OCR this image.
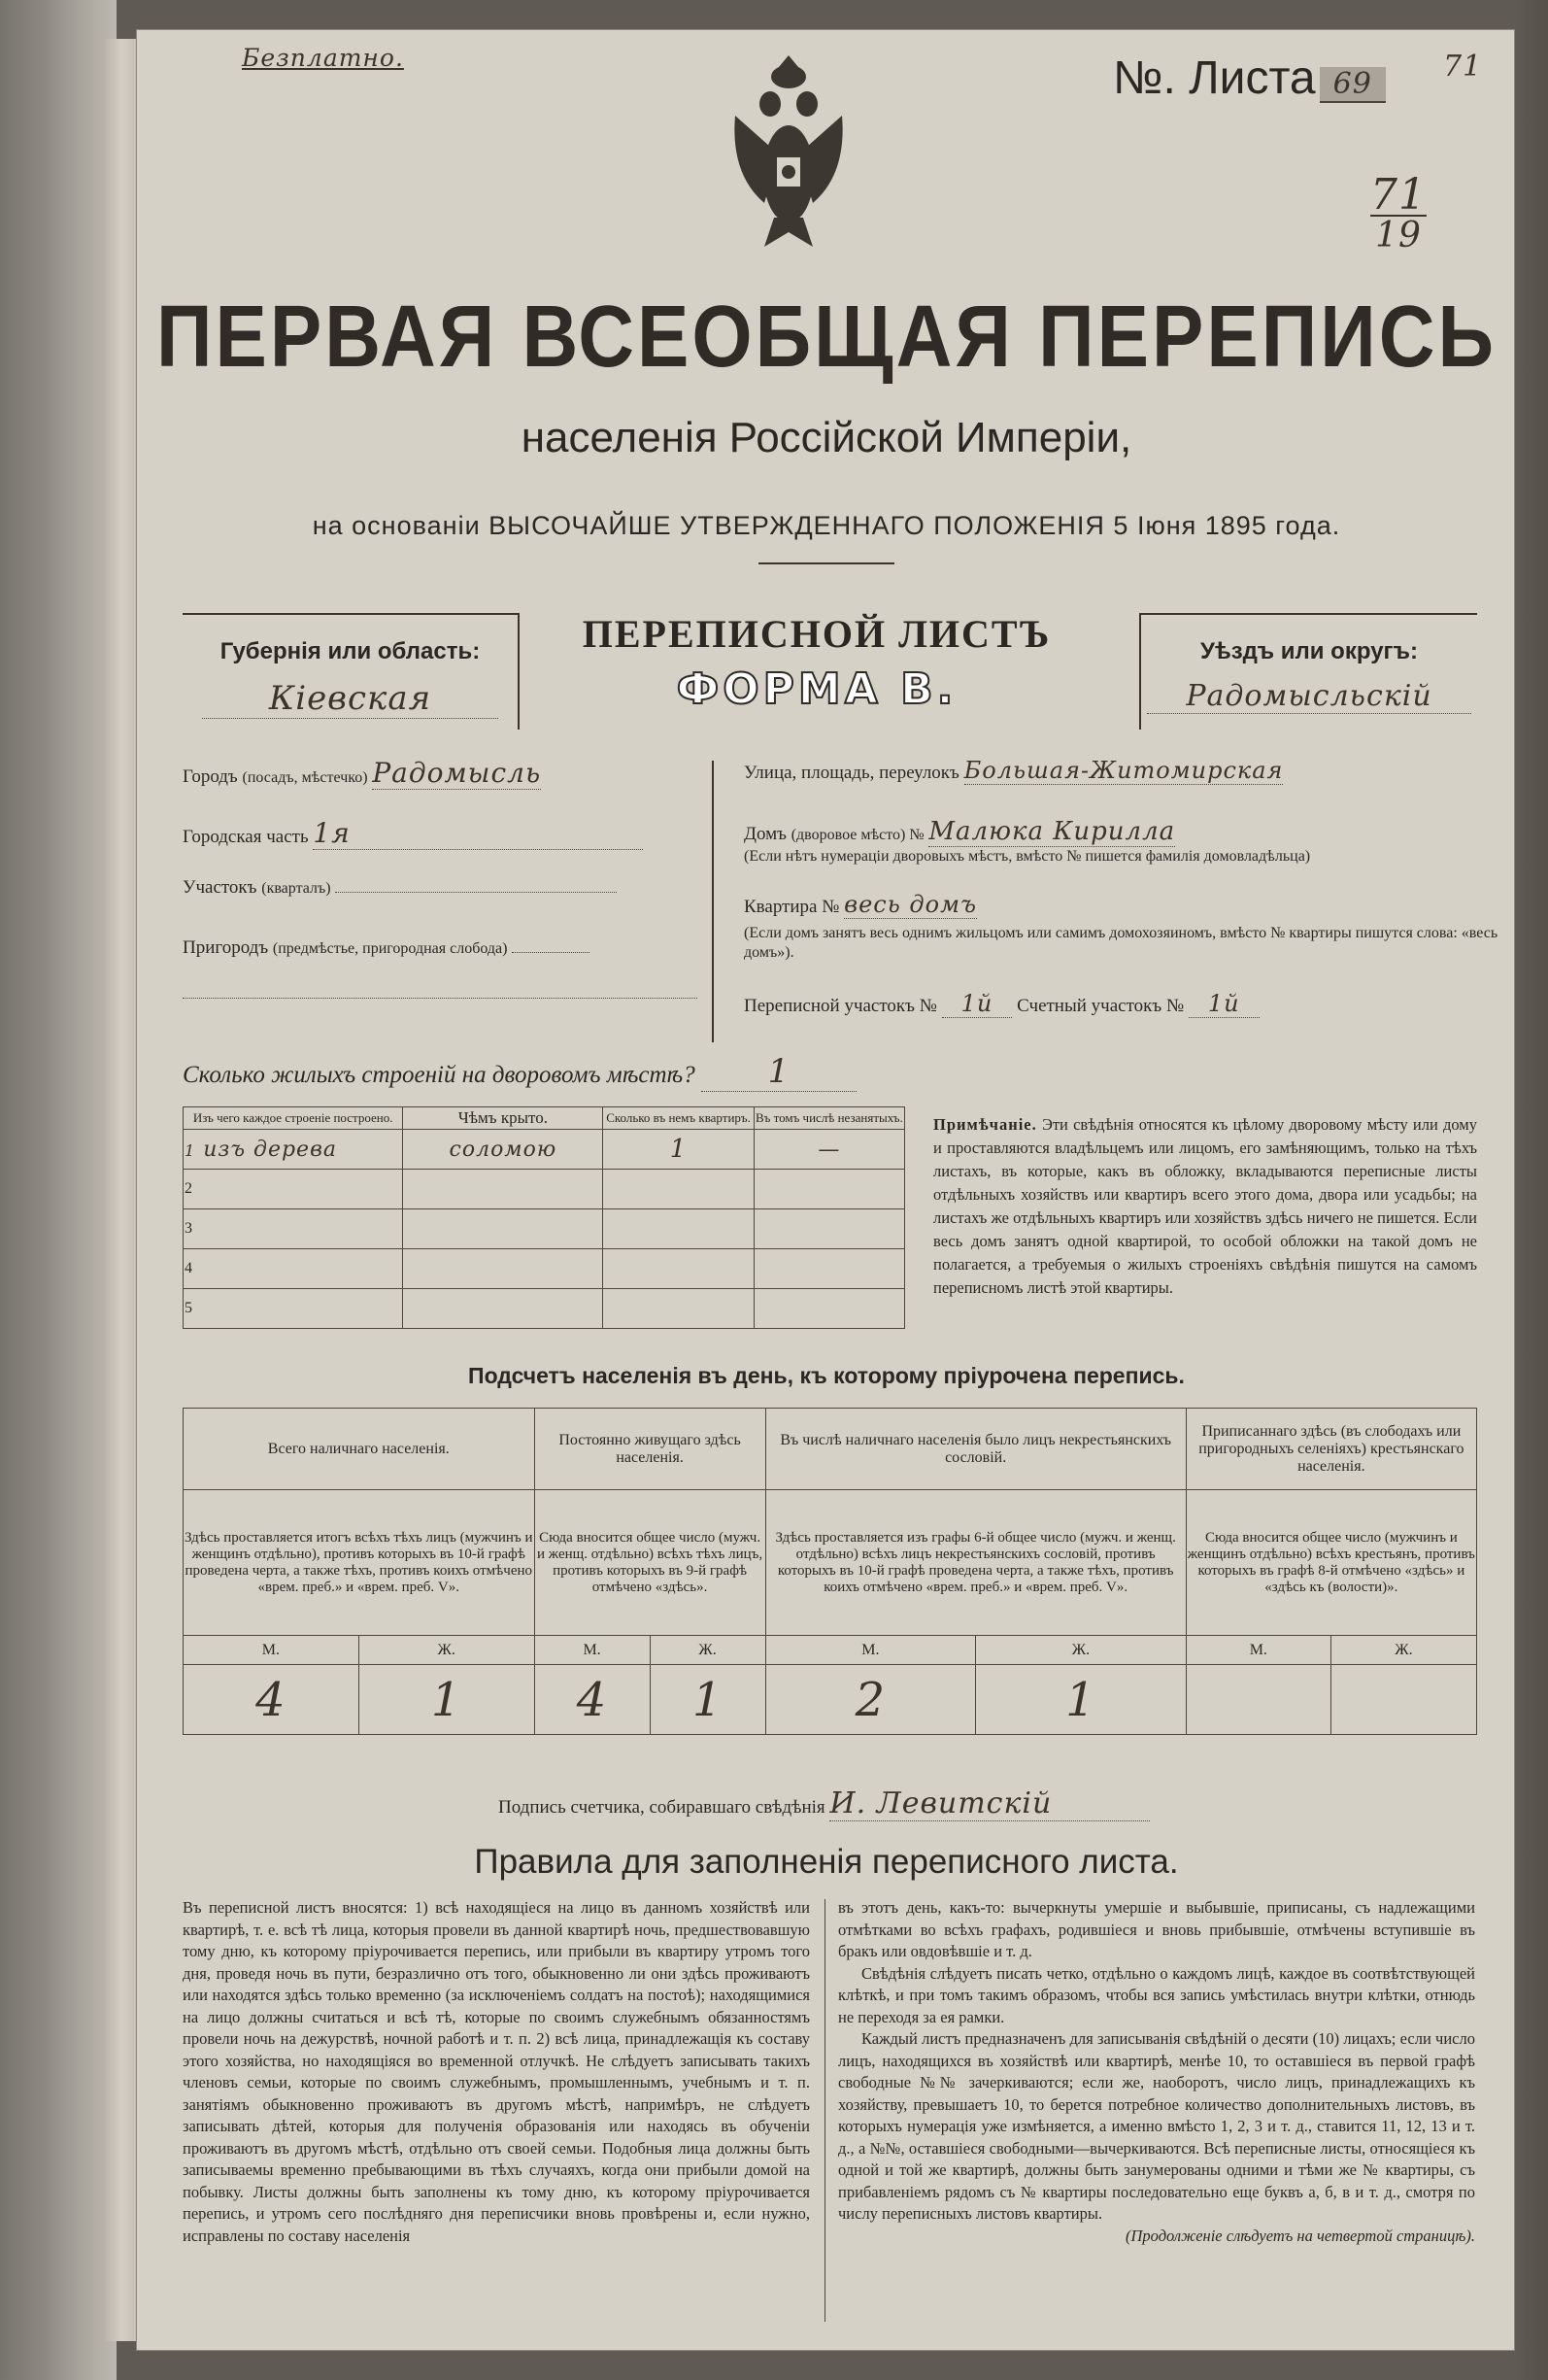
Безплатно.	№. Листа 69
71
71
19
ПЕРВАЯ ВСЕОБЩАЯ ПЕРЕПИСЬ
населенія Россійской Имперіи,
на основаніи ВЫСОЧАЙШЕ УТВЕРЖДЕННАГО ПОЛОЖЕНІЯ 5 Іюня 1895 года.
Губернія или область:
Кіевская
ПЕРЕПИСНОЙ ЛИСТЪ
ФОРМА В.
Уѣздъ или округъ:
Радомысльскій
Городъ (посадъ, мѣстечко) Радомысль
Городская часть 1я
Участокъ (кварталъ)
Пригородъ (предмѣстье, пригородная слобода)
Улица, площадь, переулокъ Большая-Житомирская
Домъ (дворовое мѣсто) № Малюка Кирилла
(Если нѣтъ нумераціи дворовыхъ мѣстъ, вмѣсто № пишется фамилія домовладѣльца)
Квартира № весь домъ
(Если домъ занятъ весь однимъ жильцомъ или самимъ домохозяиномъ, вмѣсто № квартиры пишутся слова: «весь домъ»).
Переписной участокъ № 1й Счетный участокъ № 1й
Сколько жилыхъ строеній на дворовомъ мѣстѣ? 1
Изъ чего каждое строеніе построено.	Чѣмъ крыто.	Сколько въ немъ квартиръ.	Въ томъ числѣ незанятыхъ.
1 изъ дерева	соломою	1	—
2			
3			
4			
5			
Примѣчаніе. Эти свѣдѣнія относятся къ цѣлому дворовому мѣсту или дому и проставляются владѣльцемъ или лицомъ, его замѣняющимъ, только на тѣхъ листахъ, въ которые, какъ въ обложку, вкладываются переписные листы отдѣльныхъ хозяйствъ или квартиръ всего этого дома, двора или усадьбы; на листахъ же отдѣльныхъ квартиръ или хозяйствъ здѣсь ничего не пишется. Если весь домъ занятъ одной квартирой, то особой обложки на такой домъ не полагается, а требуемыя о жилыхъ строеніяхъ свѣдѣнія пишутся на самомъ переписномъ листѣ этой квартиры.
Подсчетъ населенія въ день, къ которому пріурочена перепись.
Всего наличнаго населенія.		Постоянно живущаго здѣсь населенія.		Въ числѣ наличнаго населенія было лицъ некрестьянскихъ сословій.		Приписаннаго здѣсь (въ слободахъ или пригородныхъ селеніяхъ) крестьянскаго населенія.	
Здѣсь проставляется итогъ всѣхъ тѣхъ лицъ (мужчинъ и женщинъ отдѣльно), противъ которыхъ въ 10-й графѣ проведена черта, а также тѣхъ, противъ коихъ отмѣчено «врем. преб.» и «врем. преб. V».		Сюда вносится общее число (мужч. и женщ. отдѣльно) всѣхъ тѣхъ лицъ, противъ которыхъ въ 9-й графѣ отмѣчено «здѣсь».		Здѣсь проставляется изъ графы 6-й общее число (мужч. и женщ. отдѣльно) всѣхъ лицъ некрестьянскихъ сословій, противъ которыхъ въ 10-й графѣ проведена черта, а также тѣхъ, противъ коихъ отмѣчено «врем. преб.» и «врем. преб. V».		Сюда вносится общее число (мужчинъ и женщинъ отдѣльно) всѣхъ крестьянъ, противъ которыхъ въ графѣ 8-й отмѣчено «здѣсь» и «здѣсь къ (волости)».	
М.	Ж.	М.	Ж.	М.	Ж.	М.	Ж.
4	1	4	1	2	1		
Подпись счетчика, собиравшаго свѣдѣнія И. Левитскій
Правила для заполненія переписного листа.
Въ переписной листъ вносятся: 1) всѣ находящіеся на лицо въ данномъ хозяйствѣ или квартирѣ, т. е. всѣ тѣ лица, которыя провели въ данной квартирѣ ночь, предшествовавшую тому дню, къ которому пріурочивается перепись, или прибыли въ квартиру утромъ того дня, проведя ночь въ пути, безразлично отъ того, обыкновенно ли они здѣсь проживаютъ или находятся здѣсь только временно (за исключеніемъ солдатъ на постоѣ); находящимися на лицо должны считаться и всѣ тѣ, которые по своимъ служебнымъ обязанностямъ провели ночь на дежурствѣ, ночной работѣ и т. п. 2) всѣ лица, принадлежащія къ составу этого хозяйства, но находящіяся во временной отлучкѣ. Не слѣдуетъ записывать такихъ членовъ семьи, которые по своимъ служебнымъ, промышленнымъ, учебнымъ и т. п. занятіямъ обыкновенно проживаютъ въ другомъ мѣстѣ, напримѣръ, не слѣдуетъ записывать дѣтей, которыя для полученія образованія или находясь въ обученіи проживаютъ въ другомъ мѣстѣ, отдѣльно отъ своей семьи. Подобныя лица должны быть записываемы временно пребывающими въ тѣхъ случаяхъ, когда они прибыли домой на побывку. Листы должны быть заполнены къ тому дню, къ которому пріурочивается перепись, и утромъ сего послѣдняго дня переписчики вновь провѣрены и, если нужно, исправлены по составу населенія
въ этотъ день, какъ-то: вычеркнуты умершіе и выбывшіе, приписаны, съ надлежащими отмѣтками во всѣхъ графахъ, родившіеся и вновь прибывшіе, отмѣчены вступившіе въ бракъ или овдовѣвшіе и т. д.
Свѣдѣнія слѣдуетъ писать четко, отдѣльно о каждомъ лицѣ, каждое въ соотвѣтствующей клѣткѣ, и при томъ такимъ образомъ, чтобы вся запись умѣстилась внутри клѣтки, отнюдь не переходя за ея рамки.
Каждый листъ предназначенъ для записыванія свѣдѣній о десяти (10) лицахъ; если число лицъ, находящихся въ хозяйствѣ или квартирѣ, менѣе 10, то оставшіеся въ первой графѣ свободные №№ зачеркиваются; если же, наоборотъ, число лицъ, принадлежащихъ къ хозяйству, превышаетъ 10, то берется потребное количество дополнительныхъ листовъ, въ которыхъ нумерація уже измѣняется, а именно вмѣсто 1, 2, 3 и т. д., ставится 11, 12, 13 и т. д., а №№, оставшіеся свободными—вычеркиваются. Всѣ переписные листы, относящіеся къ одной и той же квартирѣ, должны быть занумерованы одними и тѣми же № квартиры, съ прибавленіемъ рядомъ съ № квартиры последовательно еще буквъ а, б, в и т. д., смотря по числу переписныхъ листовъ квартиры.
(Продолженіе слѣдуетъ на четвертой страницѣ).
